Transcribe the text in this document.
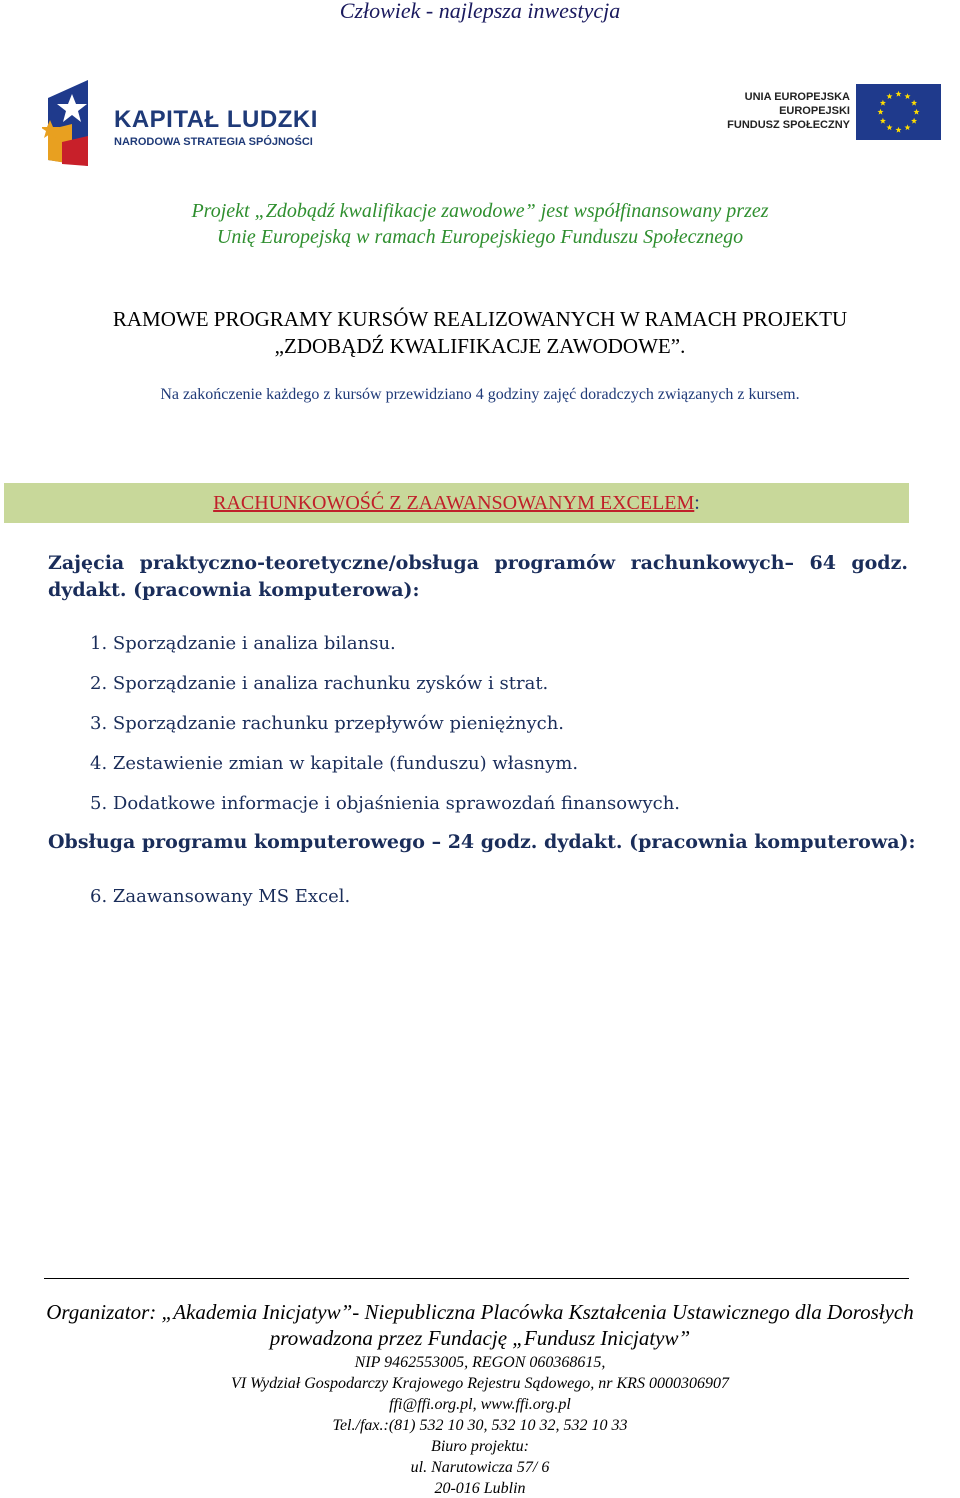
Człowiek - najlepsza inwestycja
KAPITAŁ LUDZKI
NARODOWA STRATEGIA SPÓJNOŚCI
UNIA EUROPEJSKA
EUROPEJSKI
FUNDUSZ SPOŁECZNY
Projekt „Zdobądź kwalifikacje zawodowe” jest współfinansowany przez
Unię Europejską w ramach Europejskiego Funduszu Społecznego
RAMOWE PROGRAMY KURSÓW REALIZOWANYCH W RAMACH PROJEKTU
„ZDOBĄDŹ KWALIFIKACJE ZAWODOWE”.
Na zakończenie każdego z kursów przewidziano 4 godziny zajęć doradczych związanych z kursem.
RACHUNKOWOŚĆ Z ZAAWANSOWANYM EXCELEM:
Zajęcia praktyczno-teoretyczne/obsługa programów rachunkowych– 64 godz. dydakt. (pracownia komputerowa):
1. Sporządzanie i analiza bilansu.
2. Sporządzanie i analiza rachunku zysków i strat.
3. Sporządzanie rachunku przepływów pieniężnych.
4. Zestawienie zmian w kapitale (funduszu) własnym.
5. Dodatkowe informacje i objaśnienia sprawozdań finansowych.
Obsługa programu komputerowego – 24 godz. dydakt. (pracownia komputerowa):
6. Zaawansowany MS Excel.
Organizator: „Akademia Inicjatyw”- Niepubliczna Placówka Kształcenia Ustawicznego dla Dorosłych
prowadzona przez Fundację „Fundusz Inicjatyw”
NIP 9462553005, REGON 060368615,
VI Wydział Gospodarczy Krajowego Rejestru Sądowego, nr KRS 0000306907
ffi@ffi.org.pl, www.ffi.org.pl
Tel./fax.:(81) 532 10 30, 532 10 32, 532 10 33
Biuro projektu:
ul. Narutowicza 57/ 6
20-016 Lublin
